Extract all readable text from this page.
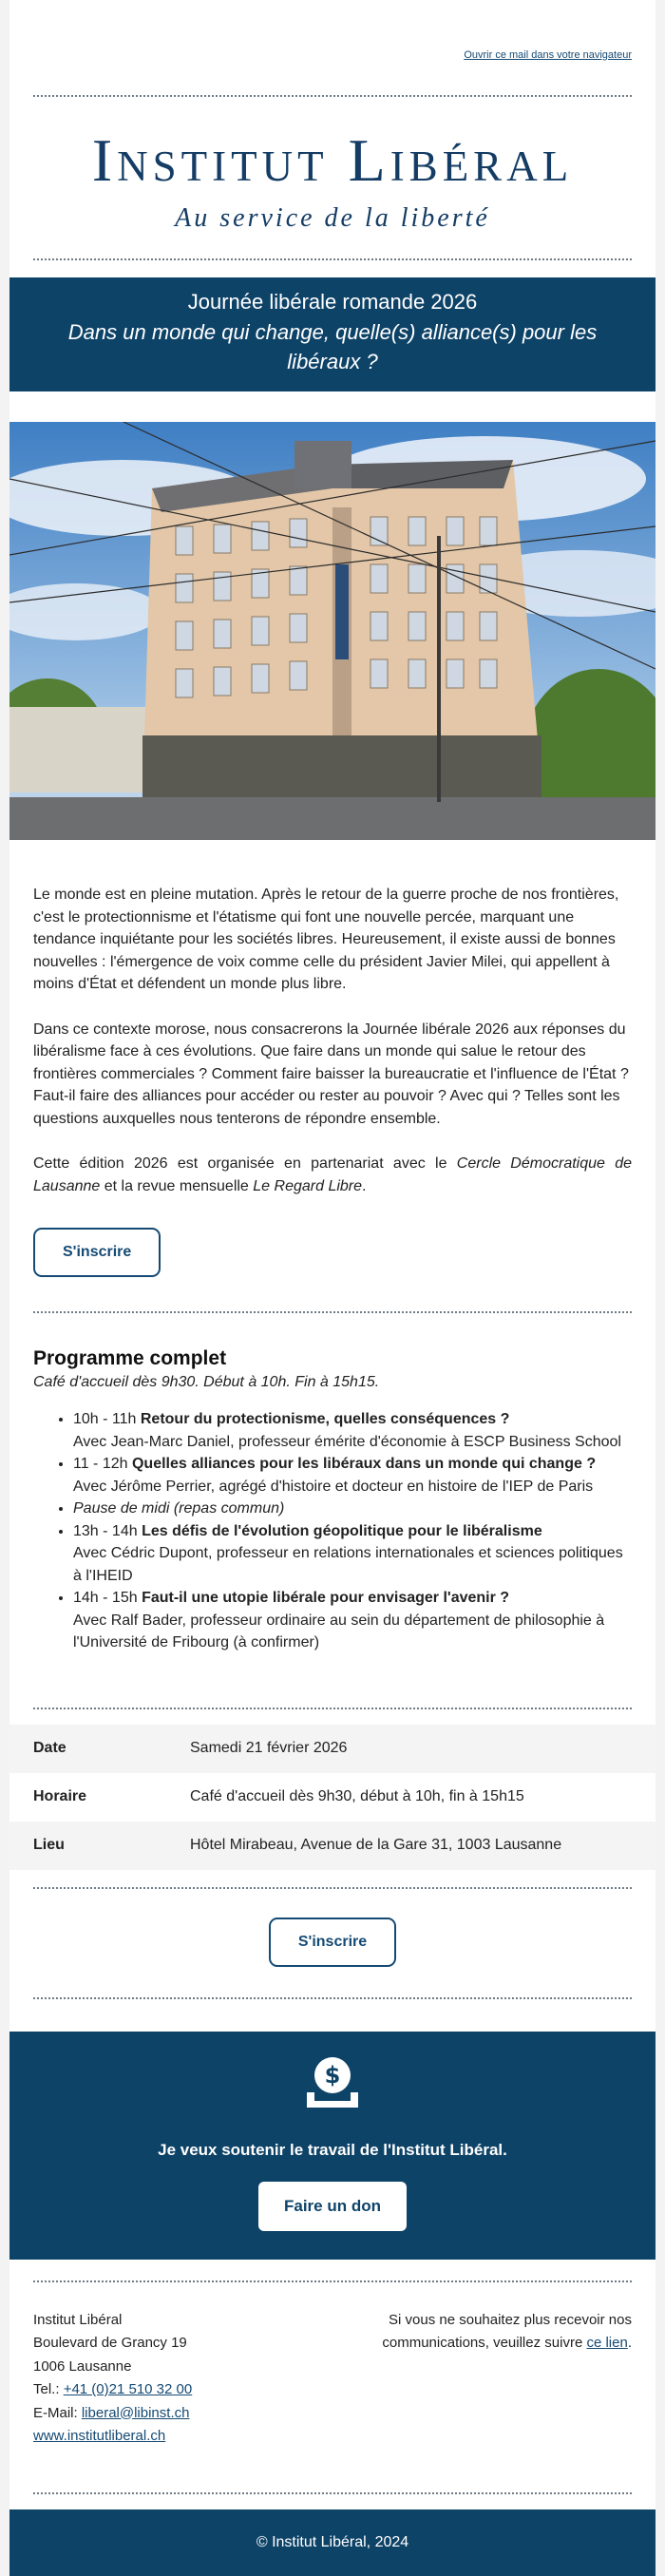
Ouvrir ce mail dans votre navigateur
Institut Libéral
Au service de la liberté
Journée libérale romande 2026
Dans un monde qui change, quelle(s) alliance(s) pour les libéraux ?

Le monde est en pleine mutation. Après le retour de la guerre proche de nos frontières, c'est le protectionnisme et l'étatisme qui font une nouvelle percée, marquant une tendance inquiétante pour les sociétés libres. Heureusement, il existe aussi de bonnes nouvelles : l'émergence de voix comme celle du président Javier Milei, qui appellent à moins d'État et défendent un monde plus libre.

Dans ce contexte morose, nous consacrerons la Journée libérale 2026 aux réponses du libéralisme face à ces évolutions. Que faire dans un monde qui salue le retour des frontières commerciales ? Comment faire baisser la bureaucratie et l'influence de l'État ? Faut-il faire des alliances pour accéder ou rester au pouvoir ? Avec qui ? Telles sont les questions auxquelles nous tenterons de répondre ensemble.

Cette édition 2026 est organisée en partenariat avec le Cercle Démocratique de Lausanne et la revue mensuelle Le Regard Libre.

S'inscrire
Programme complet
Café d'accueil dès 9h30. Début à 10h. Fin à 15h15.
• 10h - 11h Retour du protectionisme, quelles conséquences ?
Avec Jean-Marc Daniel, professeur émérite d'économie à ESCP Business School
• 11 - 12h Quelles alliances pour les libéraux dans un monde qui change ?
Avec Jérôme Perrier, agrégé d'histoire et docteur en histoire de l'IEP de Paris
• Pause de midi (repas commun)
• 13h - 14h Les défis de l'évolution géopolitique pour le libéralisme
Avec Cédric Dupont, professeur en relations internationales et sciences politiques à l'IHEID
• 14h - 15h Faut-il une utopie libérale pour envisager l'avenir ?
Avec Ralf Bader, professeur ordinaire au sein du département de philosophie à l'Université de Fribourg (à confirmer)
Date	Samedi 21 février 2026
Horaire	Café d'accueil dès 9h30, début à 10h, fin à 15h15
Lieu	Hôtel Mirabeau, Avenue de la Gare 31, 1003 Lausanne
S'inscrire
$
Je veux soutenir le travail de l'Institut Libéral.
Faire un don
Institut Libéral
Boulevard de Grancy 19
1006 Lausanne
Tel.: +41 (0)21 510 32 00
E-Mail: liberal@libinst.ch
www.institutliberal.ch
Si vous ne souhaitez plus recevoir nos communications, veuillez suivre ce lien.
© Institut Libéral, 2024
